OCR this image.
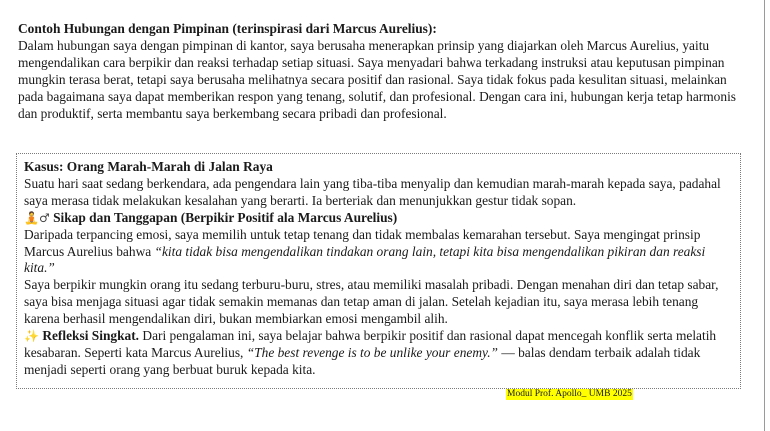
Contoh Hubungan dengan Pimpinan (terinspirasi dari Marcus Aurelius):
Dalam hubungan saya dengan pimpinan di kantor, saya berusaha menerapkan prinsip yang diajarkan oleh Marcus Aurelius, yaitu mengendalikan cara berpikir dan reaksi terhadap setiap situasi. Saya menyadari bahwa terkadang instruksi atau keputusan pimpinan mungkin terasa berat, tetapi saya berusaha melihatnya secara positif dan rasional. Saya tidak fokus pada kesulitan situasi, melainkan pada bagaimana saya dapat memberikan respon yang tenang, solutif, dan profesional. Dengan cara ini, hubungan kerja tetap harmonis dan produktif, serta membantu saya berkembang secara pribadi dan profesional.
Kasus: Orang Marah-Marah di Jalan Raya
Suatu hari saat sedang berkendara, ada pengendara lain yang tiba-tiba menyalip dan kemudian marah-marah kepada saya, padahal saya merasa tidak melakukan kesalahan yang berarti. Ia berteriak dan menunjukkan gestur tidak sopan.
🧘♂ Sikap dan Tanggapan (Berpikir Positif ala Marcus Aurelius)
Daripada terpancing emosi, saya memilih untuk tetap tenang dan tidak membalas kemarahan tersebut. Saya mengingat prinsip Marcus Aurelius bahwa “kita tidak bisa mengendalikan tindakan orang lain, tetapi kita bisa mengendalikan pikiran dan reaksi kita.”
Saya berpikir mungkin orang itu sedang terburu-buru, stres, atau memiliki masalah pribadi. Dengan menahan diri dan tetap sabar, saya bisa menjaga situasi agar tidak semakin memanas dan tetap aman di jalan. Setelah kejadian itu, saya merasa lebih tenang karena berhasil mengendalikan diri, bukan membiarkan emosi mengambil alih.
✨ Refleksi Singkat. Dari pengalaman ini, saya belajar bahwa berpikir positif dan rasional dapat mencegah konflik serta melatih kesabaran. Seperti kata Marcus Aurelius, “The best revenge is to be unlike your enemy.” — balas dendam terbaik adalah tidak menjadi seperti orang yang berbuat buruk kepada kita.
Modul Prof. Apollo_ UMB 2025
